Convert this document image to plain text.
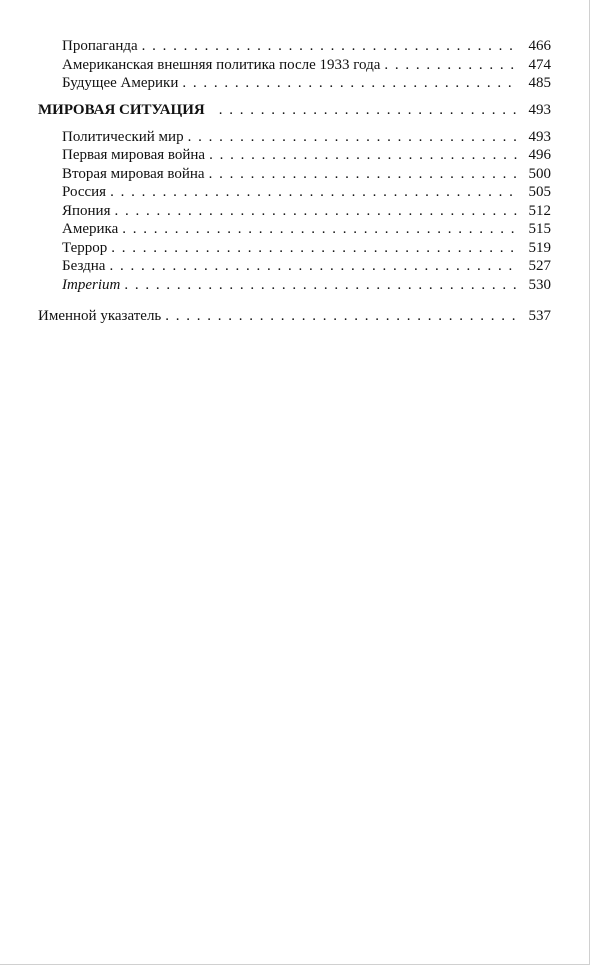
Пропаганда . . .	466
Американская внешняя политика после 1933 года . . .	474
Будущее Америки . . .	485
МИРОВАЯ СИТУАЦИЯ . . .	493
Политический мир . . .	493
Первая мировая война . . .	496
Вторая мировая война . . .	500
Россия . . .	505
Япония . . .	512
Америка . . .	515
Террор . . .	519
Бездна . . .	527
Imperium . . .	530
Именной указатель . . .	537
